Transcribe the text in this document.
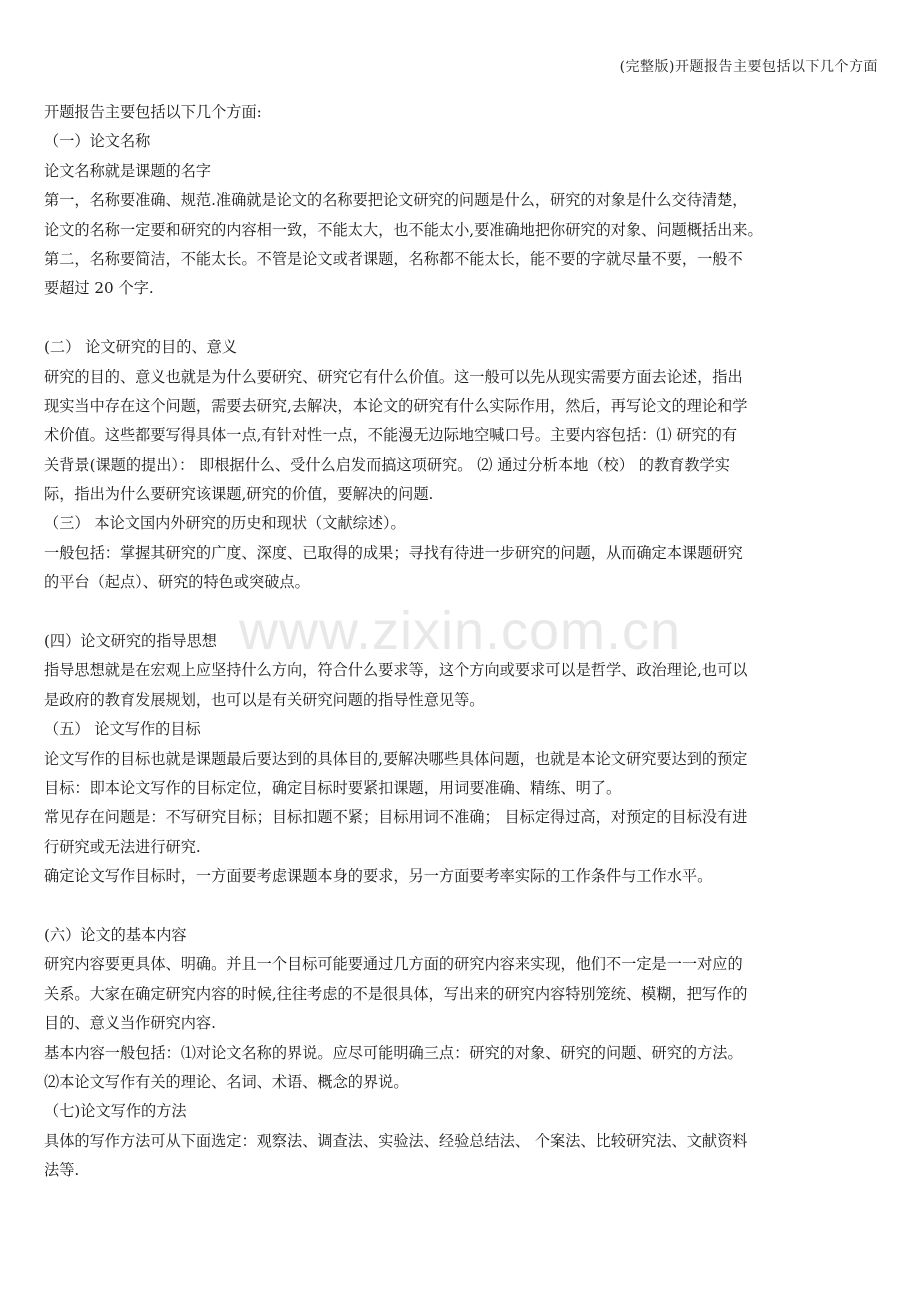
(完整版)开题报告主要包括以下几个方面
www.zixin.com.cn
开题报告主要包括以下几个方面:
（一）论文名称
论文名称就是课题的名字
第一，名称要准确、规范.准确就是论文的名称要把论文研究的问题是什么，研究的对象是什么交待清楚，
论文的名称一定要和研究的内容相一致，不能太大，也不能太小,要准确地把你研究的对象、问题概括出来。
第二，名称要简洁，不能太长。不管是论文或者课题，名称都不能太长，能不要的字就尽量不要，一般不
要超过 20 个字.
(二） 论文研究的目的、意义
研究的目的、意义也就是为什么要研究、研究它有什么价值。这一般可以先从现实需要方面去论述，指出
现实当中存在这个问题，需要去研究,去解决，本论文的研究有什么实际作用，然后，再写论文的理论和学
术价值。这些都要写得具体一点,有针对性一点，不能漫无边际地空喊口号。主要内容包括：⑴ 研究的有
关背景(课题的提出）： 即根据什么、受什么启发而搞这项研究。 ⑵ 通过分析本地（校） 的教育教学实
际，指出为什么要研究该课题,研究的价值，要解决的问题.
（三） 本论文国内外研究的历史和现状（文献综述）。
一般包括：掌握其研究的广度、深度、已取得的成果；寻找有待进一步研究的问题，从而确定本课题研究
的平台（起点）、研究的特色或突破点。
(四）论文研究的指导思想
指导思想就是在宏观上应坚持什么方向，符合什么要求等，这个方向或要求可以是哲学、政治理论,也可以
是政府的教育发展规划，也可以是有关研究问题的指导性意见等。
（五） 论文写作的目标
论文写作的目标也就是课题最后要达到的具体目的,要解决哪些具体问题，也就是本论文研究要达到的预定
目标：即本论文写作的目标定位，确定目标时要紧扣课题，用词要准确、精练、明了。
常见存在问题是：不写研究目标；目标扣题不紧；目标用词不准确； 目标定得过高，对预定的目标没有进
行研究或无法进行研究.
确定论文写作目标时，一方面要考虑课题本身的要求，另一方面要考率实际的工作条件与工作水平。
(六）论文的基本内容
研究内容要更具体、明确。并且一个目标可能要通过几方面的研究内容来实现，他们不一定是一一对应的
关系。大家在确定研究内容的时候,往往考虑的不是很具体，写出来的研究内容特别笼统、模糊，把写作的
目的、意义当作研究内容.
基本内容一般包括：⑴对论文名称的界说。应尽可能明确三点：研究的对象、研究的问题、研究的方法。
⑵本论文写作有关的理论、名词、术语、概念的界说。
（七)论文写作的方法
具体的写作方法可从下面选定：观察法、调查法、实验法、经验总结法、 个案法、比较研究法、文献资料
法等.
